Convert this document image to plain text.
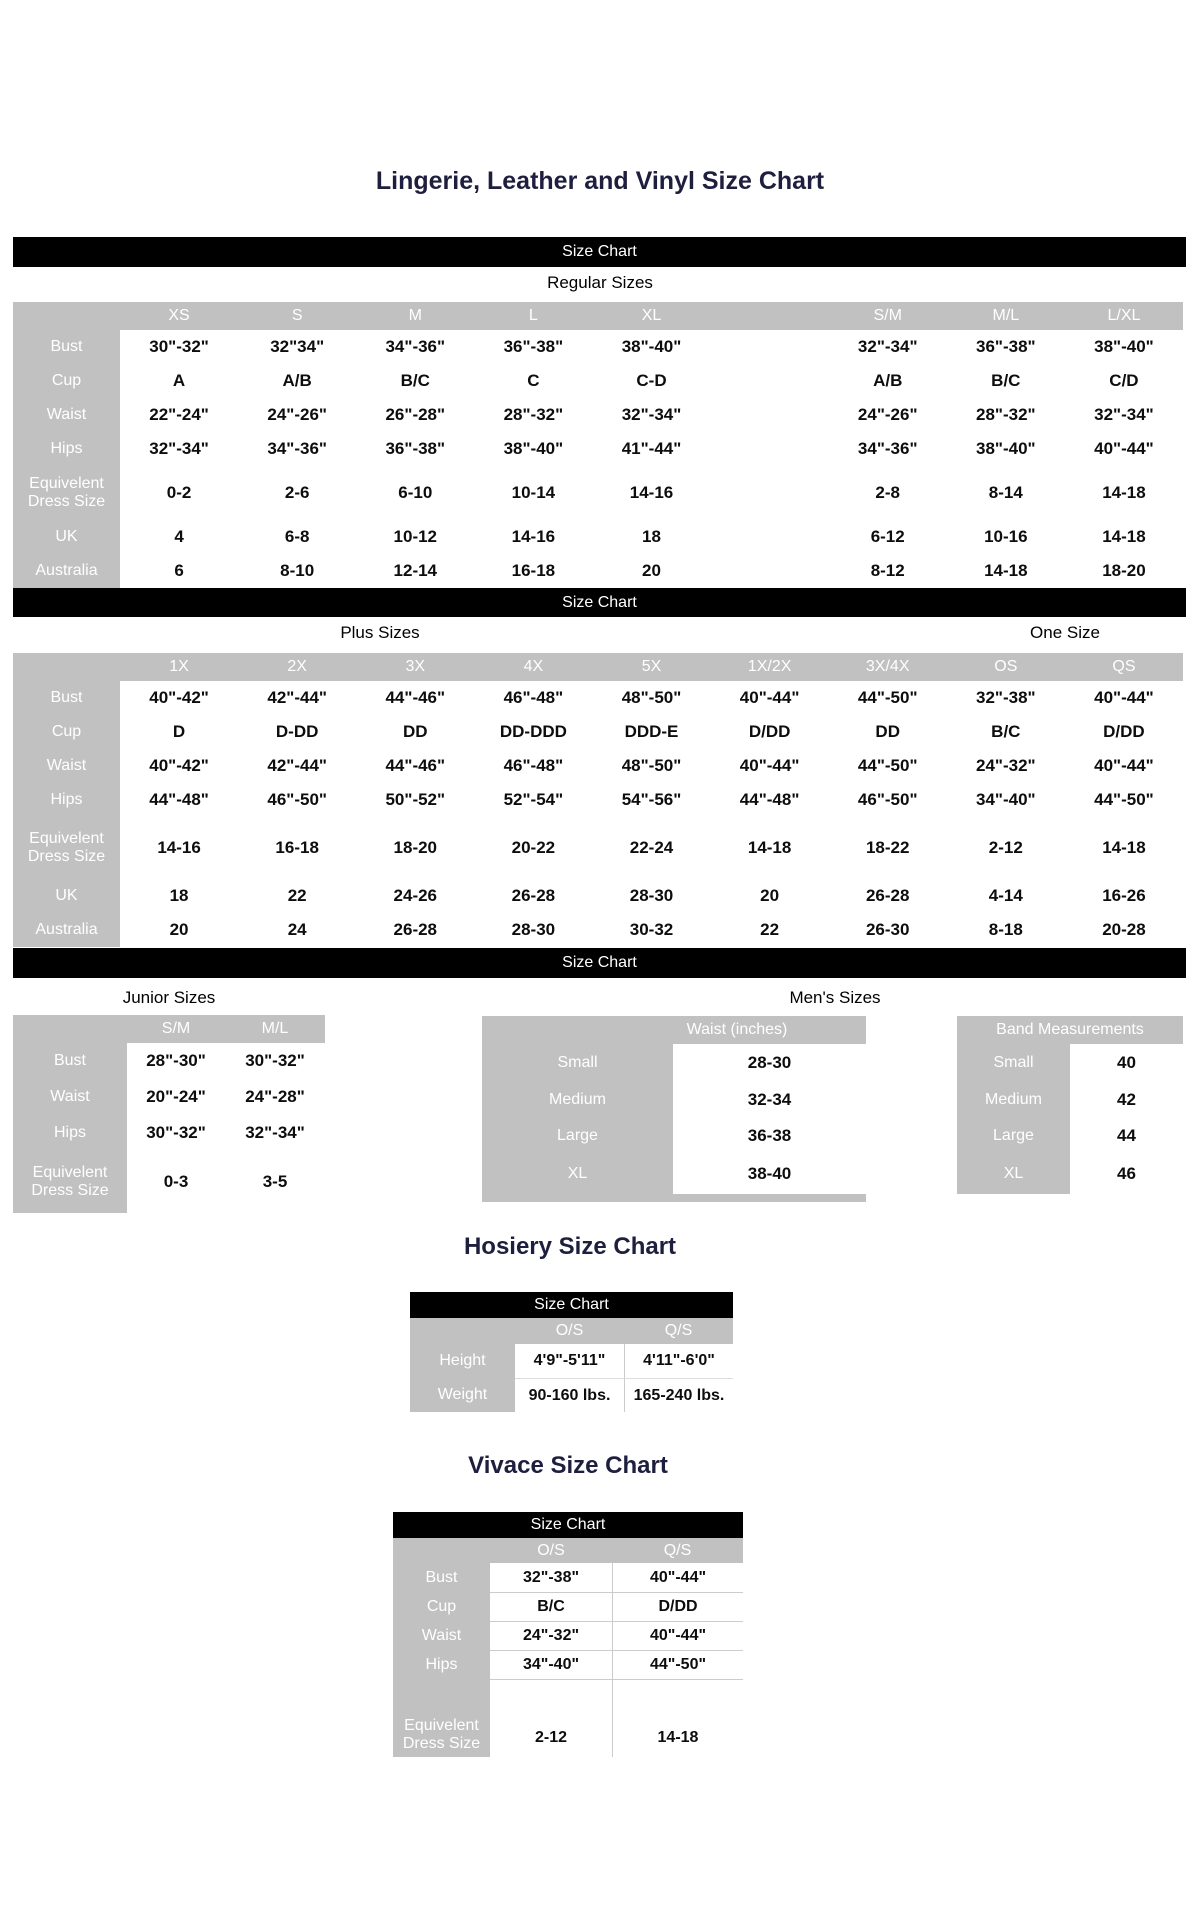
Lingerie, Leather and Vinyl Size Chart
Size Chart
Regular Sizes
XS	S	M	L	XL	S/M	M/L	L/XL
Bust	30"-32"	32"34"	34"-36"	36"-38"	38"-40"	32"-34"	36"-38"	38"-40"
Cup	A	A/B	B/C	C	C-D	A/B	B/C	C/D
Waist	22"-24"	24"-26"	26"-28"	28"-32"	32"-34"	24"-26"	28"-32"	32"-34"
Hips	32"-34"	34"-36"	36"-38"	38"-40"	41"-44"	34"-36"	38"-40"	40"-44"
Equivelent Dress Size	0-2	2-6	6-10	10-14	14-16	2-8	8-14	14-18
UK	4	6-8	10-12	14-16	18	6-12	10-16	14-18
Australia	6	8-10	12-14	16-18	20	8-12	14-18	18-20
Size Chart
Plus Sizes	One Size
1X	2X	3X	4X	5X	1X/2X	3X/4X	OS	QS
Bust	40"-42"	42"-44"	44"-46"	46"-48"	48"-50"	40"-44"	44"-50"	32"-38"	40"-44"
Cup	D	D-DD	DD	DD-DDD	DDD-E	D/DD	DD	B/C	D/DD
Waist	40"-42"	42"-44"	44"-46"	46"-48"	48"-50"	40"-44"	44"-50"	24"-32"	40"-44"
Hips	44"-48"	46"-50"	50"-52"	52"-54"	54"-56"	44"-48"	46"-50"	34"-40"	44"-50"
Equivelent Dress Size	14-16	16-18	18-20	20-22	22-24	14-18	18-22	2-12	14-18
UK	18	22	24-26	26-28	28-30	20	26-28	4-14	16-26
Australia	20	24	26-28	28-30	30-32	22	26-30	8-18	20-28
Size Chart
Junior Sizes	Men's Sizes
S/M	M/L
Bust	28"-30"	30"-32"
Waist	20"-24"	24"-28"
Hips	30"-32"	32"-34"
Equivelent Dress Size	0-3	3-5
Waist (inches)
Small	28-30
Medium	32-34
Large	36-38
XL	38-40
Band Measurements
Small	40
Medium	42
Large	44
XL	46
Hosiery Size Chart
Size Chart
O/S	Q/S
Height	4'9"-5'11"	4'11"-6'0"
Weight	90-160 lbs.	165-240 lbs.
Vivace Size Chart
Size Chart
O/S	Q/S
Bust	32"-38"	40"-44"
Cup	B/C	D/DD
Waist	24"-32"	40"-44"
Hips	34"-40"	44"-50"
Equivelent Dress Size	2-12	14-18
